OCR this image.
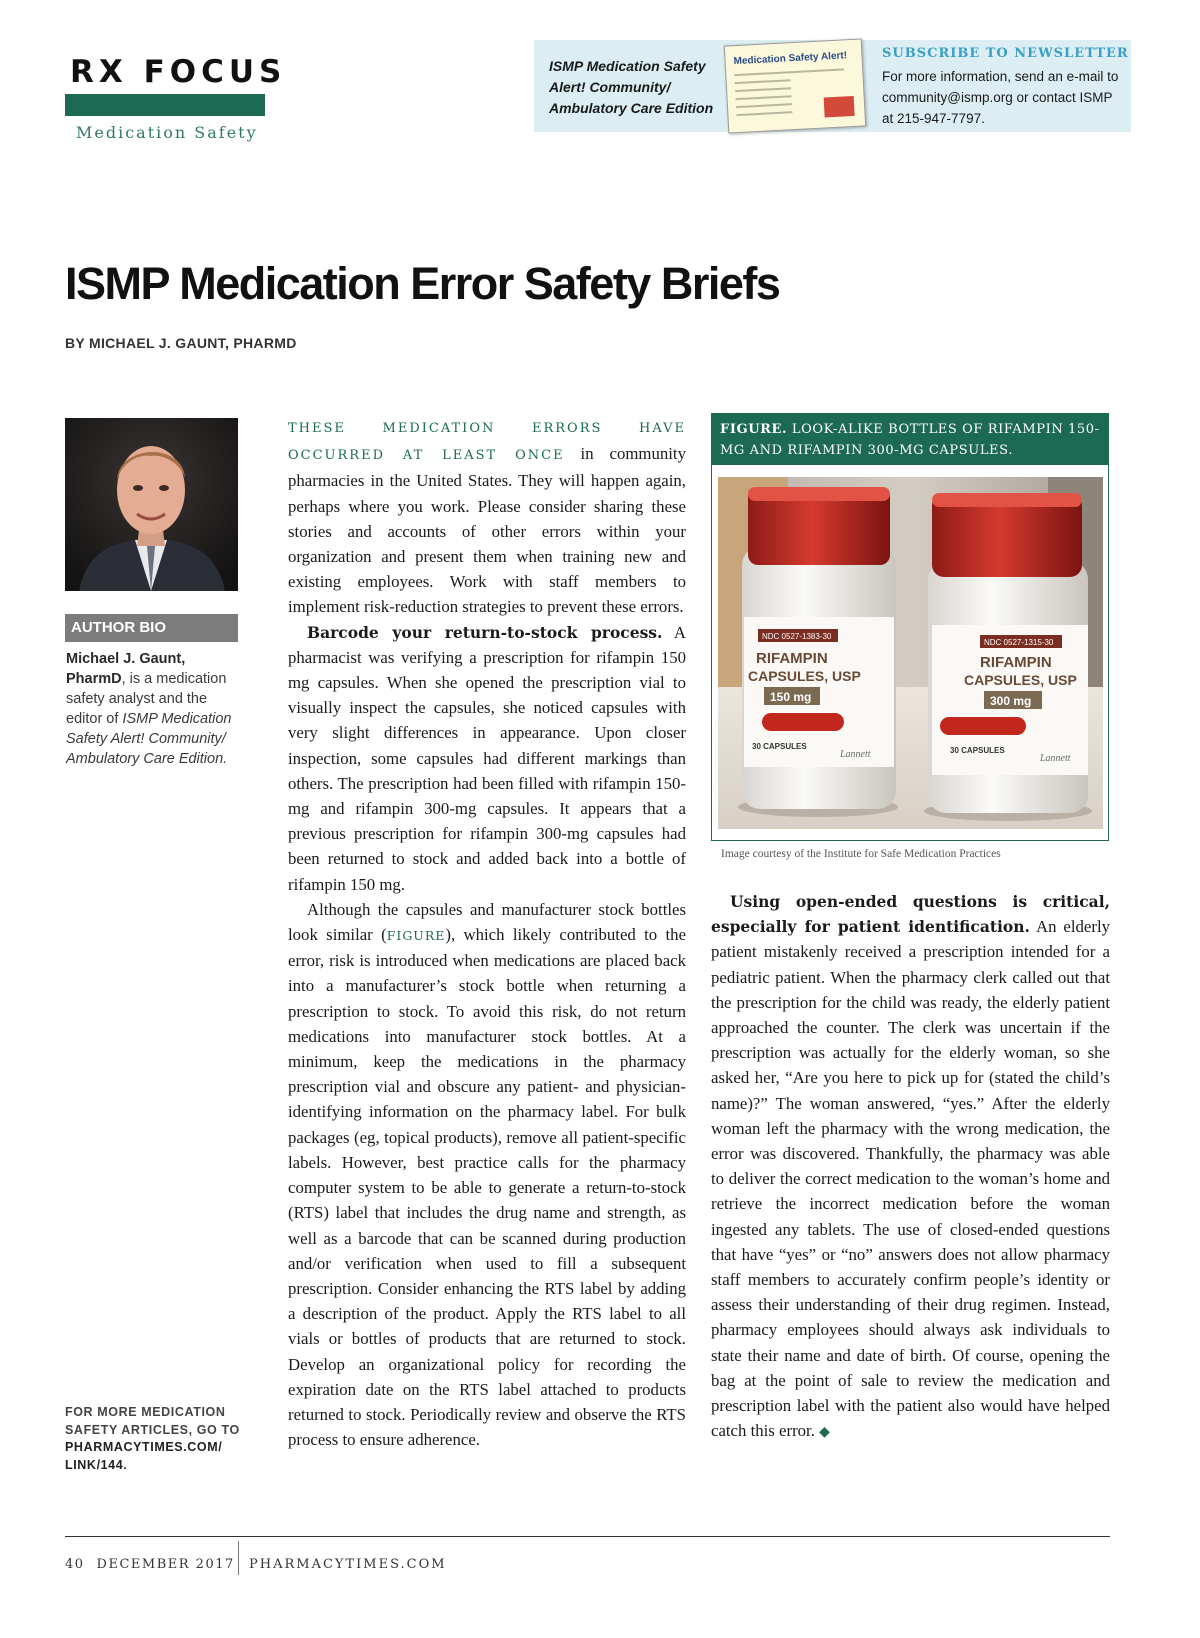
RX FOCUS
Medication Safety
ISMP Medication Safety Alert! Community/ Ambulatory Care Edition
Medication Safety Alert!	SUBSCRIBE TO NEWSLETTER
For more information, send an e-mail to community@ismp.org or contact ISMP at 215-947-7797.
ISMP Medication Error Safety Briefs
BY MICHAEL J. GAUNT, PHARMD
AUTHOR BIO
Michael J. Gaunt, PharmD, is a medication safety analyst and the editor of ISMP Medication Safety Alert! Community/ Ambulatory Care Edition.
FOR MORE MEDICATION SAFETY ARTICLES, GO TO PHARMACYTIMES.COM/ LINK/144.

THESE MEDICATION ERRORS HAVE OCCURRED AT LEAST ONCE in community pharmacies in the United States. They will happen again, perhaps where you work. Please consider sharing these stories and accounts of other errors within your organization and present them when training new and existing employees. Work with staff members to implement risk-reduction strategies to prevent these errors.

Barcode your return-to-stock process. A pharmacist was verifying a prescription for rifampin 150 mg capsules. When she opened the prescription vial to visually inspect the capsules, she noticed capsules with very slight differences in appearance. Upon closer inspection, some capsules had different markings than others. The prescription had been filled with rifampin 150-mg and rifampin 300-mg capsules. It appears that a previous prescription for rifampin 300-mg capsules had been returned to stock and added back into a bottle of rifampin 150 mg.

Although the capsules and manufacturer stock bottles look similar (FIGURE), which likely contributed to the error, risk is introduced when medications are placed back into a manufacturer’s stock bottle when returning a prescription to stock. To avoid this risk, do not return medications into manufacturer stock bottles. At a minimum, keep the medications in the pharmacy prescription vial and obscure any patient- and physician-identifying information on the pharmacy label. For bulk packages (eg, topical products), remove all patient-specific labels. However, best practice calls for the pharmacy computer system to be able to generate a return-to-stock (RTS) label that includes the drug name and strength, as well as a barcode that can be scanned during production and/or verification when used to fill a subsequent prescription. Consider enhancing the RTS label by adding a description of the product. Apply the RTS label to all vials or bottles of products that are returned to stock. Develop an organizational policy for recording the expiration date on the RTS label attached to products returned to stock. Periodically review and observe the RTS process to ensure adherence.

FIGURE. LOOK-ALIKE BOTTLES OF RIFAMPIN 150-MG AND RIFAMPIN 300-MG CAPSULES.
NDC 0527-1383-30
RIFAMPIN
CAPSULES, USP
150 mg
30 CAPSULES
Lannett
NDC 0527-1315-30
RIFAMPIN
CAPSULES, USP
300 mg
30 CAPSULES
Lannett
Image courtesy of the Institute for Safe Medication Practices

Using open-ended questions is critical, especially for patient identification. An elderly patient mistakenly received a prescription intended for a pediatric patient. When the pharmacy clerk called out that the prescription for the child was ready, the elderly patient approached the counter. The clerk was uncertain if the prescription was actually for the elderly woman, so she asked her, “Are you here to pick up for (stated the child’s name)?” The woman answered, “yes.” After the elderly woman left the pharmacy with the wrong medication, the error was discovered. Thankfully, the pharmacy was able to deliver the correct medication to the woman’s home and retrieve the incorrect medication before the woman ingested any tablets. The use of closed-ended questions that have “yes” or “no” answers does not allow pharmacy staff members to accurately confirm people’s identity or assess their understanding of their drug regimen. Instead, pharmacy employees should always ask individuals to state their name and date of birth. Of course, opening the bag at the point of sale to review the medication and prescription label with the patient also would have helped catch this error. ◆

40 DECEMBER 2017 PHARMACYTIMES.COM
